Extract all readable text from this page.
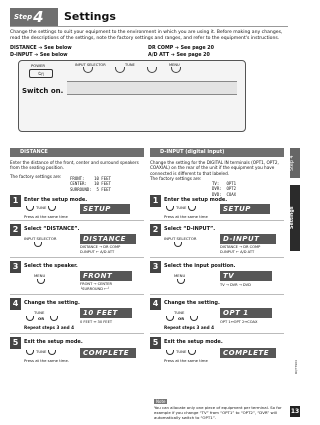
Step 4 Settings
Change the settings to suit your equipment to the environment in which you are using it. Before making any changes, read the descriptions of the settings, note the factory settings and ranges, and refer to the equipment's instructions.
DISTANCE ➔ See below
D-INPUT ➔ See below
DR COMP ➔ See page 20
A/D ATT ➔ See page 20
POWER
⏻/|
INPUT SELECTOR	TUNE	MENU
Switch on.
DISTANCE
Enter the distance of the front, center and surround speakers from the seating position.
The factory settings are:	FRONT:    10 FEET
CENTER:   10 FEET
SURROUND:  5 FEET
1	Enter the setup mode.
TUNE
Press at the same time
SETUP
2	Select “DISTANCE”.
INPUT SELECTOR	DISTANCE
DISTANCE → DR COMP
D-INPUT ← A/D ATT
3	Select the speaker.
MENU	FRONT
FRONT → CENTER
└SURROUND ←┘
4	Change the setting.
TUNE
OR
Repeat steps 3 and 4
10 FEET
0 FEET ↔ 30 FEET
5	Exit the setup mode.
TUNE
Press at the same time.
COMPLETE
D-INPUT (digital input)
Change the setting for the DIGITAL IN terminals (OPT1, OPT2, COAXIAL) on the rear of the unit if the equipment you have connected is different to that labeled.
The factory settings are:
TV:   OPT1
DVR:  OPT2
DVD:  COAX
1	Enter the setup mode.
TUNE
Press at the same time
SETUP
2	Select “D-INPUT”.
INPUT SELECTOR	D-INPUT
DISTANCE → DR COMP
D-INPUT ← A/D ATT
3	Select the input position.
MENU	TV
TV → DVR → DVD
4	Change the setting.
TUNE
OR
Repeat steps 3 and 4
OPT 1
OPT 1↔OPT 2↔COAX
5	Exit the setup mode.
TUNE
Press at the same time
COMPLETE
Note
You can allocate only one piece of equipment per terminal. So for example if you change “TV” from “OPT1” to “OPT2”, “DVR” will automatically switch to “OPT1”.
Step 4
Settings
RQT7904
13
